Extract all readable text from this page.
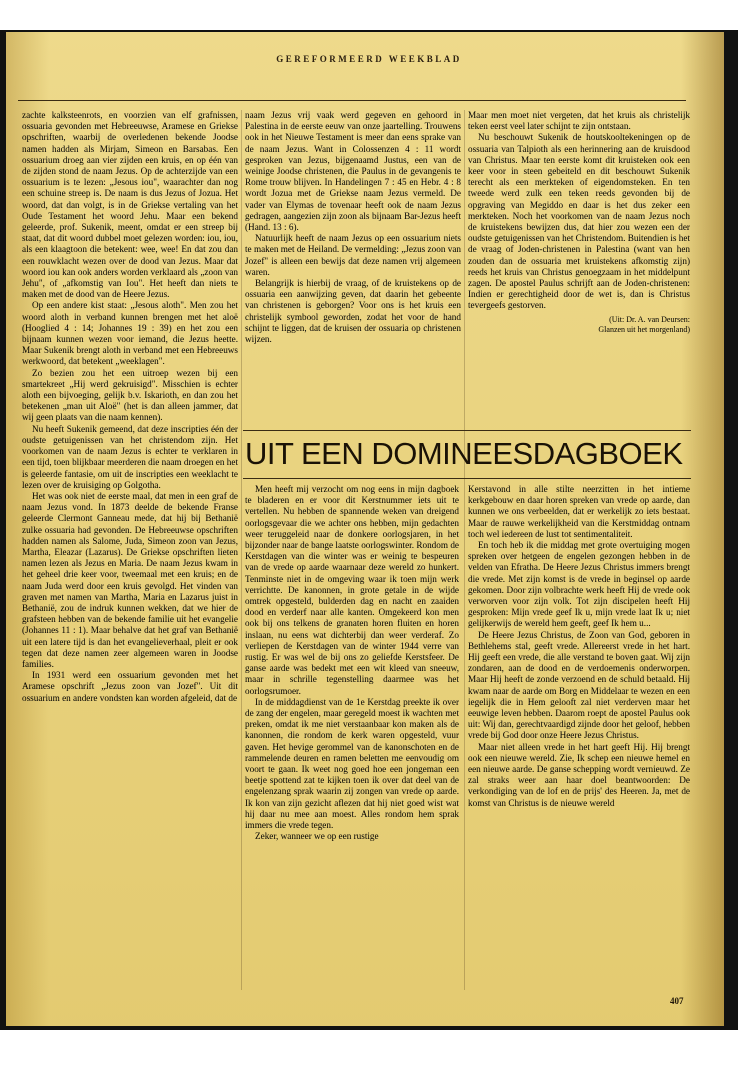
GEREFORMEERD WEEKBLAD

zachte kalksteenrots, en voorzien van elf grafnissen, ossuaria gevonden met Hebreeuwse, Aramese en Griekse opschriften, waarbij de overledenen bekende Joodse namen hadden als Mirjam, Simeon en Barsabas. Een ossuarium droeg aan vier zijden een kruis, en op één van de zijden stond de naam Jezus. Op de achterzijde van een ossuarium is te lezen: „Jesous iou", waarachter dan nog een schuine streep is. De naam is dus Jezus of Jozua. Het woord, dat dan volgt, is in de Griekse vertaling van het Oude Testament het woord Jehu. Maar een bekend geleerde, prof. Sukenik, meent, omdat er een streep bij staat, dat dit woord dubbel moet gelezen worden: iou, iou, als een klaagtoon die betekent: wee, wee! En dat zou dan een rouwklacht wezen over de dood van Jezus. Maar dat woord iou kan ook anders worden verklaard als „zoon van Jehu", of „afkomstig van Iou". Het heeft dan niets te maken met de dood van de Heere Jezus.

Op een andere kist staat: „Jesous aloth". Men zou het woord aloth in verband kunnen brengen met het aloë (Hooglied 4 : 14; Johannes 19 : 39) en het zou een bijnaam kunnen wezen voor iemand, die Jezus heette. Maar Sukenik brengt aloth in verband met een Hebreeuws werkwoord, dat betekent „weeklagen".

Zo bezien zou het een uitroep wezen bij een smartekreet „Hij werd gekruisigd". Misschien is echter aloth een bijvoeging, gelijk b.v. Iskarioth, en dan zou het betekenen „man uit Aloë" (het is dan alleen jammer, dat wij geen plaats van die naam kennen).

Nu heeft Sukenik gemeend, dat deze inscripties één der oudste getuigenissen van het christendom zijn. Het voorkomen van de naam Jezus is echter te verklaren in een tijd, toen blijkbaar meerderen die naam droegen en het is geleerde fantasie, om uit de inscripties een weeklacht te lezen over de kruisiging op Golgotha.

Het was ook niet de eerste maal, dat men in een graf de naam Jezus vond. In 1873 deelde de bekende Franse geleerde Clermont Ganneau mede, dat hij bij Bethanië zulke ossuaria had gevonden. De Hebreeuwse opschriften hadden namen als Salome, Juda, Simeon zoon van Jezus, Martha, Eleazar (Lazarus). De Griekse opschriften lieten namen lezen als Jezus en Maria. De naam Jezus kwam in het geheel drie keer voor, tweemaal met een kruis; en de naam Juda werd door een kruis gevolgd. Het vinden van graven met namen van Martha, Maria en Lazarus juist in Bethanië, zou de indruk kunnen wekken, dat we hier de grafsteen hebben van de bekende familie uit het evangelie (Johannes 11 : 1). Maar behalve dat het graf van Bethanië uit een latere tijd is dan het evangelieverhaal, pleit er ook tegen dat deze namen zeer algemeen waren in Joodse families.

In 1931 werd een ossuarium gevonden met het Aramese opschrift „Jezus zoon van Jozef". Uit dit ossuarium en andere vondsten kan worden afgeleid, dat de

naam Jezus vrij vaak werd gegeven en gehoord in Palestina in de eerste eeuw van onze jaartelling. Trouwens ook in het Nieuwe Testament is meer dan eens sprake van de naam Jezus. Want in Colossenzen 4 : 11 wordt gesproken van Jezus, bijgenaamd Justus, een van de weinige Joodse christenen, die Paulus in de gevangenis te Rome trouw blijven. In Handelingen 7 : 45 en Hebr. 4 : 8 wordt Jozua met de Griekse naam Jezus vermeld. De vader van Elymas de tovenaar heeft ook de naam Jezus gedragen, aangezien zijn zoon als bijnaam Bar-Jezus heeft (Hand. 13 : 6).

Natuurlijk heeft de naam Jezus op een ossuarium niets te maken met de Heiland. De vermelding: „Jezus zoon van Jozef" is alleen een bewijs dat deze namen vrij algemeen waren.

Belangrijk is hierbij de vraag, of de kruistekens op de ossuaria een aanwijzing geven, dat daarin het gebeente van christenen is geborgen? Voor ons is het kruis een christelijk symbool geworden, zodat het voor de hand schijnt te liggen, dat de kruisen der ossuaria op christenen wijzen.

Maar men moet niet vergeten, dat het kruis als christelijk teken eerst veel later schijnt te zijn ontstaan.

Nu beschouwt Sukenik de houtskooltekeningen op de ossuaria van Talpioth als een herinnering aan de kruisdood van Christus. Maar ten eerste komt dit kruisteken ook een keer voor in steen gebeiteld en dit beschouwt Sukenik terecht als een merkteken of eigendomsteken. En ten tweede werd zulk een teken reeds gevonden bij de opgraving van Megiddo en daar is het dus zeker een merkteken. Noch het voorkomen van de naam Jezus noch de kruistekens bewijzen dus, dat hier zou wezen een der oudste getuigenissen van het Christendom. Buitendien is het de vraag of Joden-christenen in Palestina (want van hen zouden dan de ossuaria met kruistekens afkomstig zijn) reeds het kruis van Christus genoegzaam in het middelpunt zagen. De apostel Paulus schrijft aan de Joden-christenen: Indien er gerechtigheid door de wet is, dan is Christus tevergeefs gestorven.

(Uit: Dr. A. van Deursen:
Glanzen uit het morgenland)
UIT EEN DOMINEESDAGBOEK

Men heeft mij verzocht om nog eens in mijn dagboek te bladeren en er voor dit Kerstnummer iets uit te vertellen. Nu hebben de spannende weken van dreigend oorlogsgevaar die we achter ons hebben, mijn gedachten weer teruggeleid naar de donkere oorlogsjaren, in het bijzonder naar de bange laatste oorlogswinter. Rondom de Kerstdagen van die winter was er weinig te bespeuren van de vrede op aarde waarnaar deze wereld zo hunkert. Tenminste niet in de omgeving waar ik toen mijn werk verrichtte. De kanonnen, in grote getale in de wijde omtrek opgesteld, bulderden dag en nacht en zaaiden dood en verderf naar alle kanten. Omgekeerd kon men ook bij ons telkens de granaten horen fluiten en horen inslaan, nu eens wat dichterbij dan weer verderaf. Zo verliepen de Kerstdagen van de winter 1944 verre van rustig. Er was wel de bij ons zo geliefde Kerstsfeer. De ganse aarde was bedekt met een wit kleed van sneeuw, maar in schrille tegenstelling daarmee was het oorlogsrumoer.

In de middagdienst van de 1e Kerstdag preekte ik over de zang der engelen, maar geregeld moest ik wachten met preken, omdat ik me niet verstaanbaar kon maken als de kanonnen, die rondom de kerk waren opgesteld, vuur gaven. Het hevige gerommel van de kanonschoten en de rammelende deuren en ramen beletten me eenvoudig om voort te gaan. Ik weet nog goed hoe een jongeman een beetje spottend zat te kijken toen ik over dat deel van de engelenzang sprak waarin zij zongen van vrede op aarde. Ik kon van zijn gezicht aflezen dat hij niet goed wist wat hij daar nu mee aan moest. Alles rondom hem sprak immers die vrede tegen.

Zeker, wanneer we op een rustige

Kerstavond in alle stilte neerzitten in het intieme kerkgebouw en daar horen spreken van vrede op aarde, dan kunnen we ons verbeelden, dat er werkelijk zo iets bestaat. Maar de rauwe werkelijkheid van die Kerstmiddag ontnam toch wel iedereen de lust tot sentimentaliteit.

En toch heb ik die middag met grote overtuiging mogen spreken over hetgeen de engelen gezongen hebben in de velden van Efratha. De Heere Jezus Christus immers brengt die vrede. Met zijn komst is de vrede in beginsel op aarde gekomen. Door zijn volbrachte werk heeft Hij de vrede ook verworven voor zijn volk. Tot zijn discipelen heeft Hij gesproken: Mijn vrede geef Ik u, mijn vrede laat Ik u; niet gelijkerwijs de wereld hem geeft, geef Ik hem u...

De Heere Jezus Christus, de Zoon van God, geboren in Bethlehems stal, geeft vrede. Allereerst vrede in het hart. Hij geeft een vrede, die alle verstand te boven gaat. Wij zijn zondaren, aan de dood en de verdoemenis onderworpen. Maar Hij heeft de zonde verzoend en de schuld betaald. Hij kwam naar de aarde om Borg en Middelaar te wezen en een iegelijk die in Hem gelooft zal niet verderven maar het eeuwige leven hebben. Daarom roept de apostel Paulus ook uit: Wij dan, gerechtvaardigd zijnde door het geloof, hebben vrede bij God door onze Heere Jezus Christus.

Maar niet alleen vrede in het hart geeft Hij. Hij brengt ook een nieuwe wereld. Zie, Ik schep een nieuwe hemel en een nieuwe aarde. De ganse schepping wordt vernieuwd. Ze zal straks weer aan haar doel beantwoorden: De verkondiging van de lof en de prijs' des Heeren. Ja, met de komst van Christus is de nieuwe wereld

407
